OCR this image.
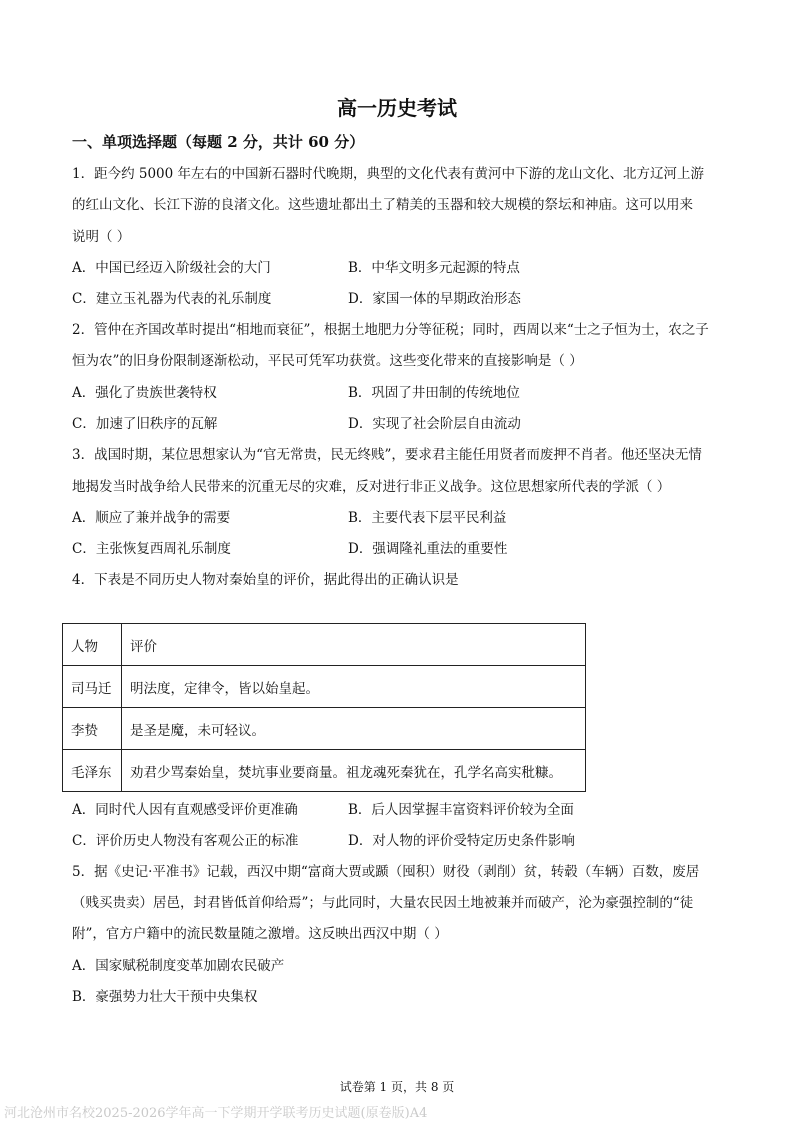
高一历史考试
一、单项选择题（每题 2 分，共计 60 分）
1．距今约 5000 年左右的中国新石器时代晚期，典型的文化代表有黄河中下游的龙山文化、北方辽河上游
的红山文化、长江下游的良渚文化。这些遗址都出土了精美的玉器和较大规模的祭坛和神庙。这可以用来
说明（ ）
A．中国已经迈入阶级社会的大门	B．中华文明多元起源的特点
C．建立玉礼器为代表的礼乐制度	D．家国一体的早期政治形态
2．管仲在齐国改革时提出“相地而衰征”，根据土地肥力分等征税；同时，西周以来“士之子恒为士，农之子
恒为农”的旧身份限制逐渐松动，平民可凭军功获赏。这些变化带来的直接影响是（ ）
A．强化了贵族世袭特权	B．巩固了井田制的传统地位
C．加速了旧秩序的瓦解	D．实现了社会阶层自由流动
3．战国时期，某位思想家认为“官无常贵，民无终贱”，要求君主能任用贤者而废押不肖者。他还坚决无情
地揭发当时战争给人民带来的沉重无尽的灾难，反对进行非正义战争。这位思想家所代表的学派（ ）
A．顺应了兼并战争的需要	B．主要代表下层平民利益
C．主张恢复西周礼乐制度	D．强调隆礼重法的重要性
4．下表是不同历史人物对秦始皇的评价，据此得出的正确认识是
人物	评价
司马迁	明法度，定律令，皆以始皇起。
李贽	是圣是魔，未可轻议。
毛泽东	劝君少骂秦始皇，焚坑事业要商量。祖龙魂死秦犹在，孔学名高实秕糠。
A．同时代人因有直观感受评价更准确	B．后人因掌握丰富资料评价较为全面
C．评价历史人物没有客观公正的标准	D．对人物的评价受特定历史条件影响
5．据《史记·平准书》记载，西汉中期“富商大贾或踬（囤积）财役（剥削）贫，转毂（车辆）百数，废居
（贱买贵卖）居邑，封君皆低首仰给焉”；与此同时，大量农民因土地被兼并而破产，沦为豪强控制的“徒
附”，官方户籍中的流民数量随之激增。这反映出西汉中期（ ）
A．国家赋税制度变革加剧农民破产
B．豪强势力壮大干预中央集权
试卷第 1 页，共 8 页
河北沧州市名校2025-2026学年高一下学期开学联考历史试题(原卷版)A4
